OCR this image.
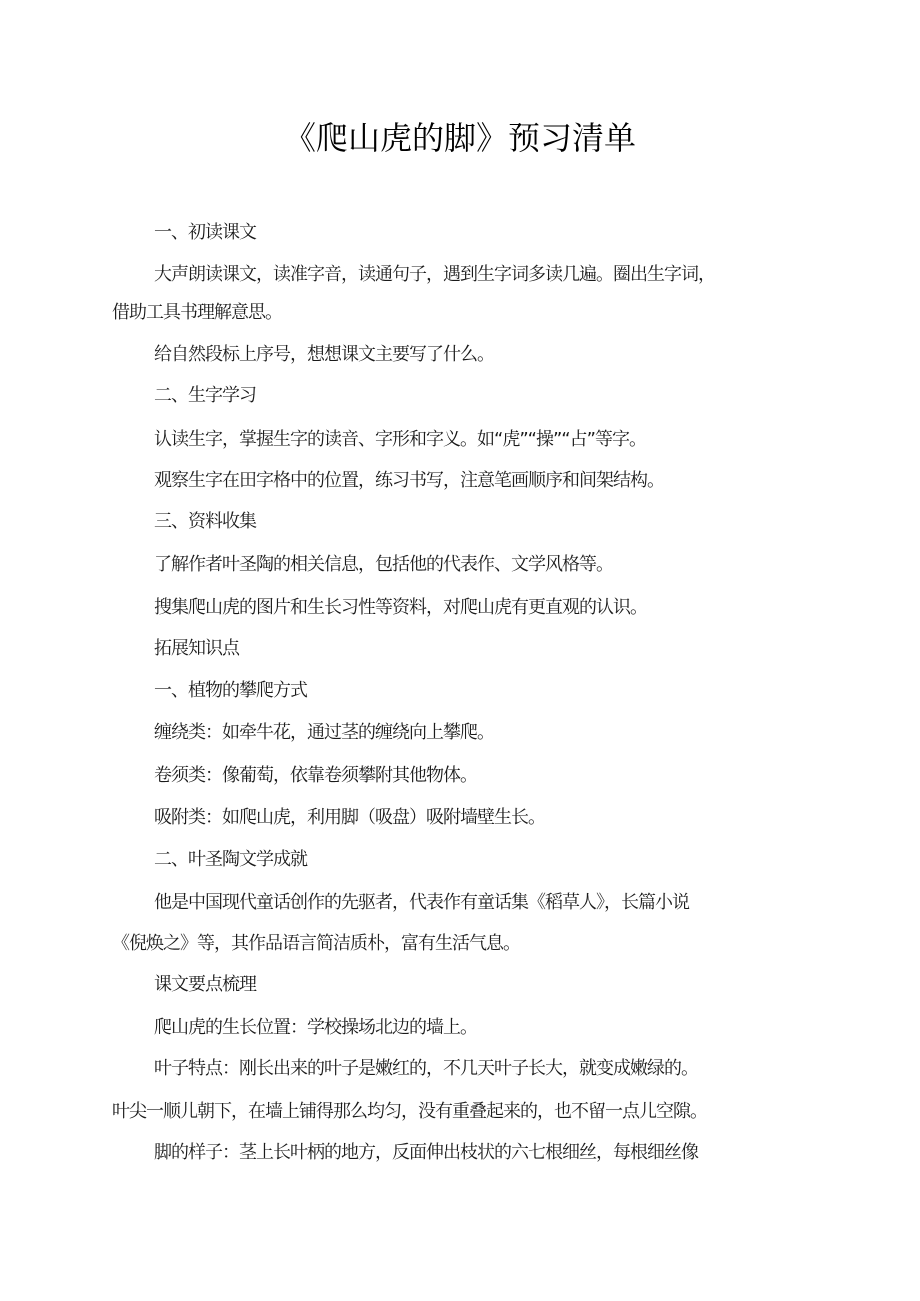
《爬山虎的脚》预习清单
一、初读课文
大声朗读课文，读准字音，读通句子，遇到生字词多读几遍。圈出生字词，
借助工具书理解意思。
给自然段标上序号，想想课文主要写了什么。
二、生字学习
认读生字，掌握生字的读音、字形和字义。如“虎”“操”“占”等字。
观察生字在田字格中的位置，练习书写，注意笔画顺序和间架结构。
三、资料收集
了解作者叶圣陶的相关信息，包括他的代表作、文学风格等。
搜集爬山虎的图片和生长习性等资料，对爬山虎有更直观的认识。
拓展知识点
一、植物的攀爬方式
缠绕类：如牵牛花，通过茎的缠绕向上攀爬。
卷须类：像葡萄，依靠卷须攀附其他物体。
吸附类：如爬山虎，利用脚（吸盘）吸附墙壁生长。
二、叶圣陶文学成就
他是中国现代童话创作的先驱者，代表作有童话集《稻草人》，长篇小说
《倪焕之》等，其作品语言简洁质朴，富有生活气息。
课文要点梳理
爬山虎的生长位置：学校操场北边的墙上。
叶子特点：刚长出来的叶子是嫩红的，不几天叶子长大，就变成嫩绿的。
叶尖一顺儿朝下，在墙上铺得那么均匀，没有重叠起来的，也不留一点儿空隙。
脚的样子：茎上长叶柄的地方，反面伸出枝状的六七根细丝，每根细丝像
